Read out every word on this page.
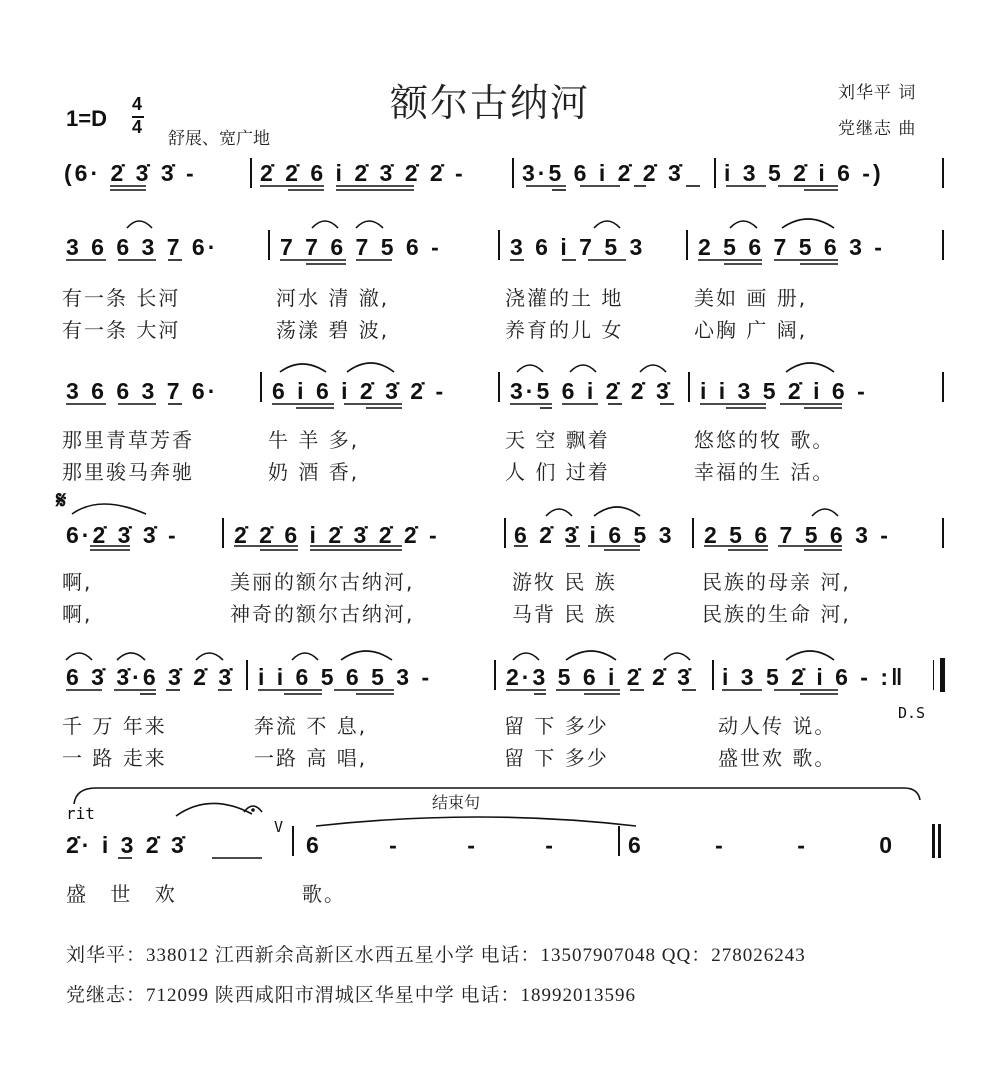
额尔古纳河	刘华平 词
党继志 曲
1=D
4
4
舒展、宽广地
(6· 2̇ 3̇ 3̇ -	2̇ 2̇ 6 i 2̇ 3̇ 2̇ 2̇ - 3·5 6 i 2̇ 2̇ 3̇ i 3 5 2̇ i 6 -)
3 6 6 3 7 6·	7 7 6 7 5 6 -	3 6 i 7 5 3 2 5 6 7 5 6 3 -
有一条 长河	河水 清 澈,	浇灌的土 地	美如 画 册,
有一条 大河	荡漾 碧 波,	养育的儿 女	心胸 广 阔,
3 6 6 3 7 6· 6 i 6 i 2̇ 3̇ 2̇ -	3·5 6 i 2̇ 2̇ 3̇ i i 3 5 2̇ i 6 -
那里青草芳香	牛 羊 多,	天 空 飘着	悠悠的牧 歌。
那里骏马奔驰	奶 酒 香,	人 们 过着	幸福的生 活。
𝄋
6·2̇ 3̇ 3̇ - 2̇ 2̇ 6 i 2̇ 3̇ 2̇ 2̇ -	6 2̇ 3̇ i 6 5 3 2 5 6 7 5 6 3 -
啊,	美丽的额尔古纳河,	游牧 民 族	民族的母亲 河,
啊,	神奇的额尔古纳河,	马背 民 族	民族的生命 河,
6 3̇ 3̇·6 3̇ 2̇ 3̇ i i 6 5 6 5 3 -	2·3 5 6 i 2̇ 2̇ 3̇ i 3 5 2̇ i 6 - :‖
D.S
千 万 年来	奔流 不 息,	留 下 多少	动人传 说。
一 路 走来	一路 高 唱,	留 下 多少	盛世欢 歌。
rit
结束句
2̇· i 3 2̇ 3̇
V
6 - - -	6 - - 0
盛 世 欢	歌。
刘华平：338012 江西新余高新区水西五星小学 电话：13507907048 QQ：278026243
党继志：712099 陕西咸阳市渭城区华星中学 电话：18992013596
